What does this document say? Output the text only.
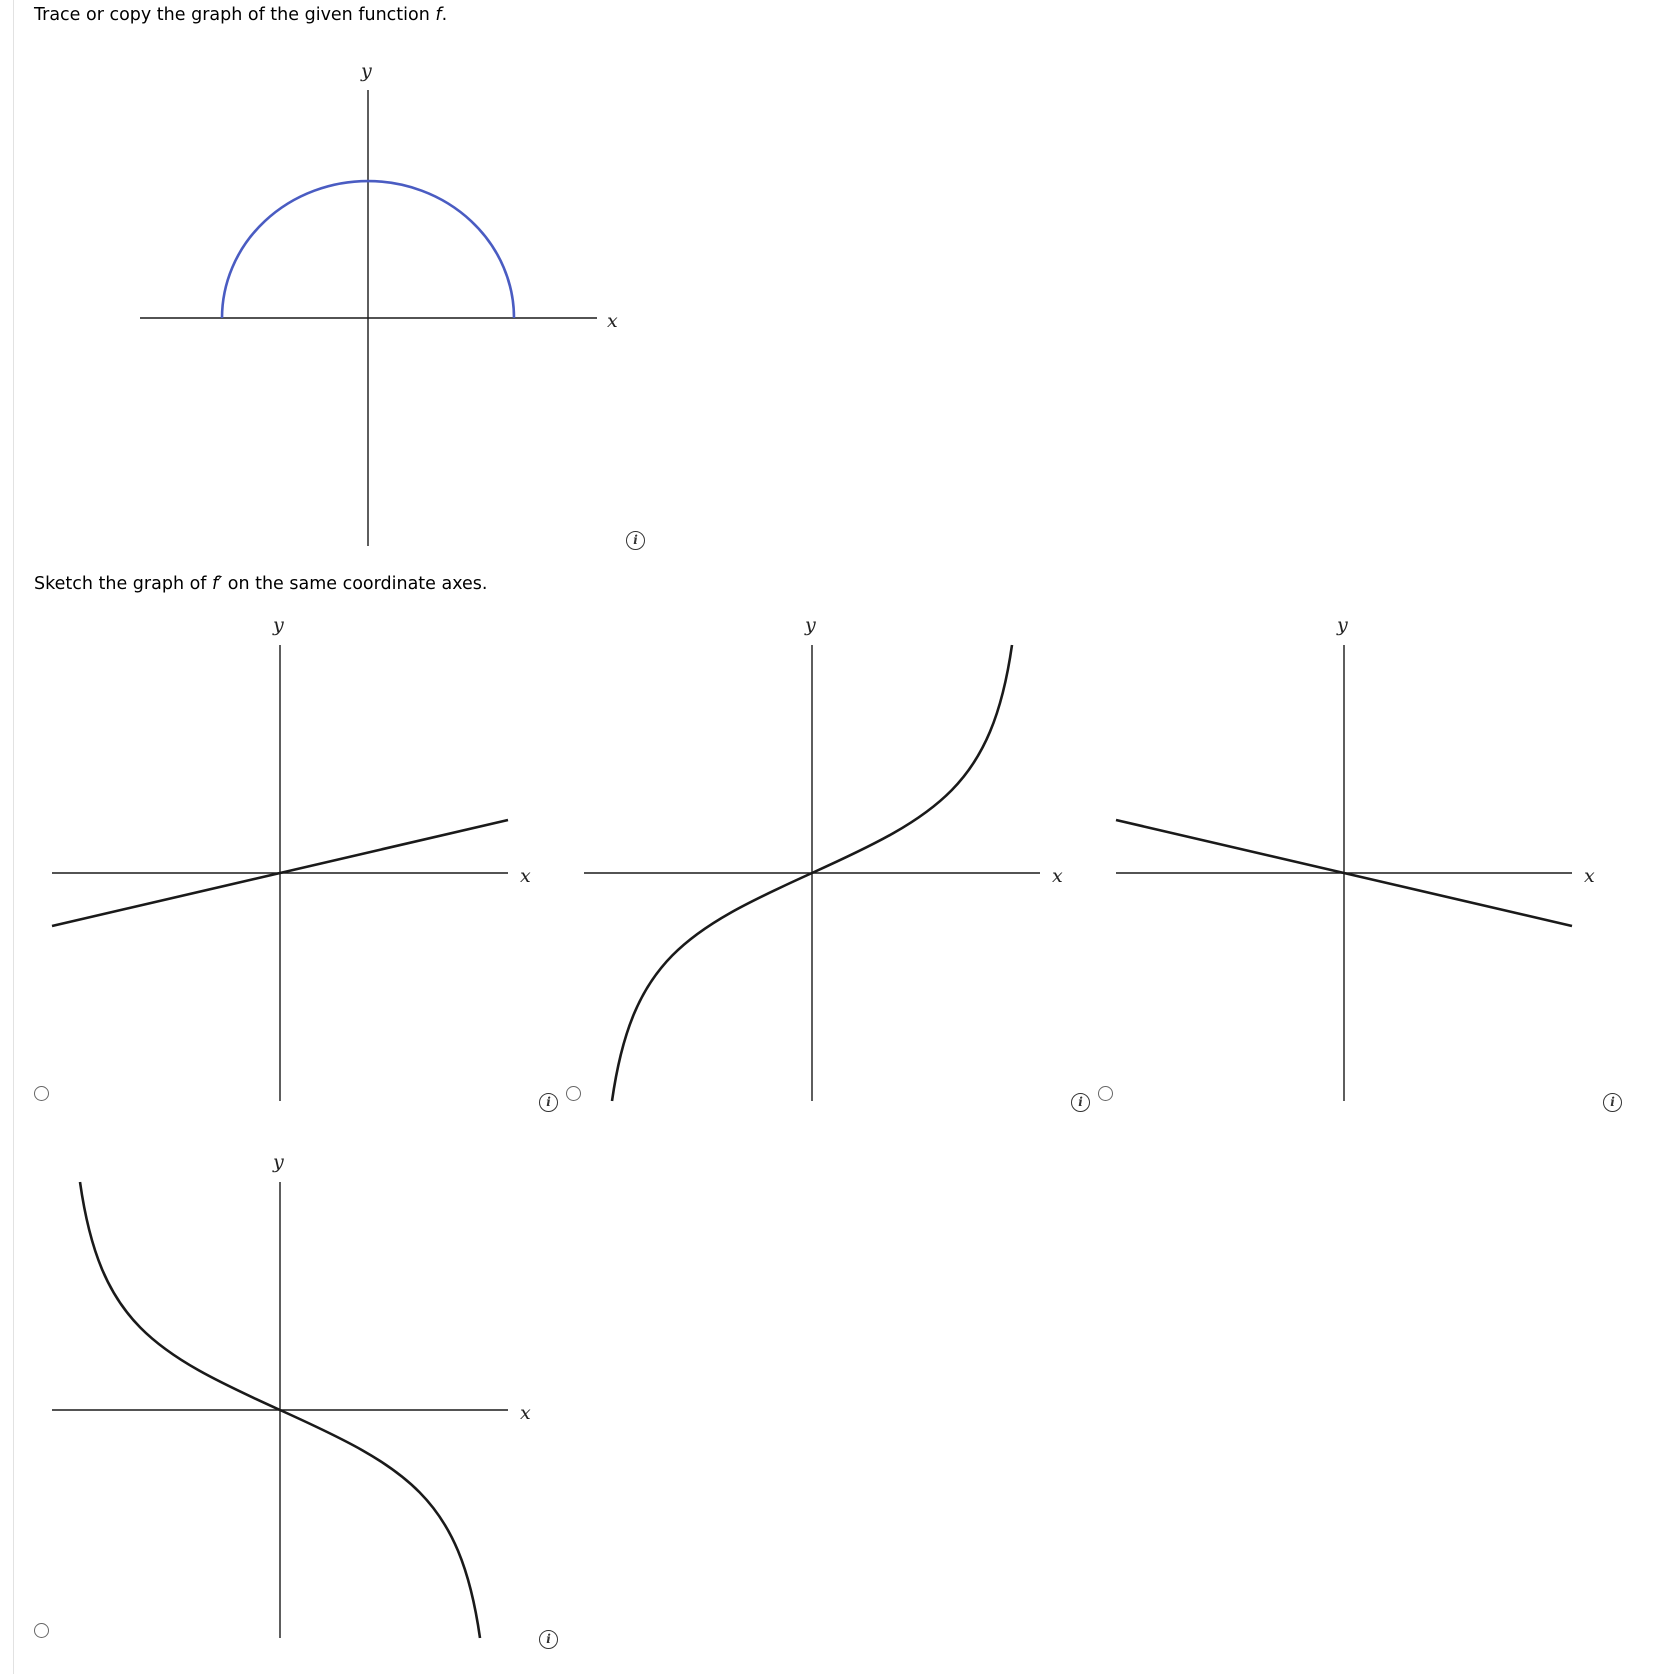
Trace or copy the graph of the given function f.
Sketch the graph of f′ on the same coordinate axes.
x
y
x
y
x
y
x
y
x
y
i
i	i	i
i
